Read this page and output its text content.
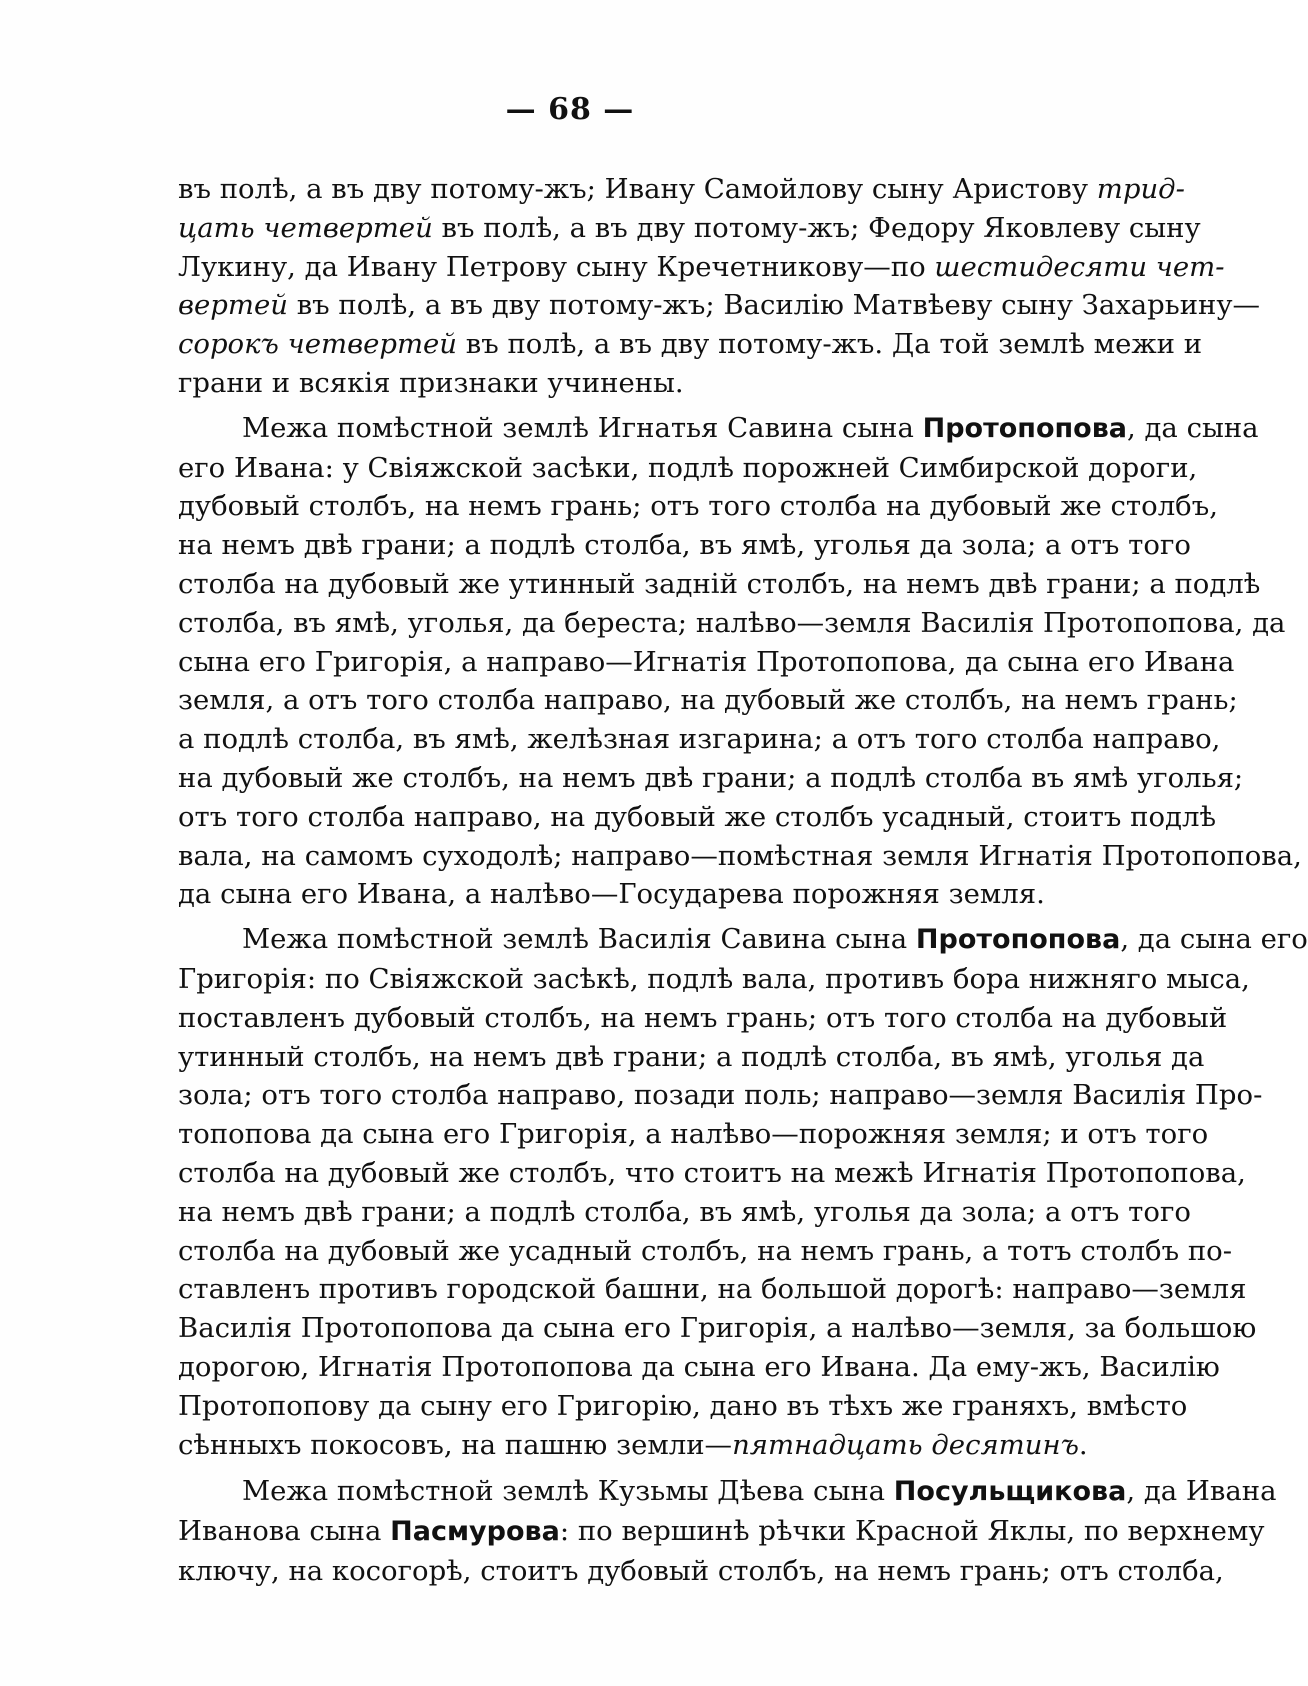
— 68 —
въ полѣ, а въ дву потому-жъ; Ивану Самойлову сыну Аристову трид-
цать четвертей въ полѣ, а въ дву потому-жъ; Федору Яковлеву сыну
Лукину, да Ивану Петрову сыну Кречетникову—по шестидесяти чет-
вертей въ полѣ, а въ дву потому-жъ; Василію Матвѣеву сыну Захарьину—
сорокъ четвертей въ полѣ, а въ дву потому-жъ. Да той землѣ межи и
грани и всякія признаки учинены.
Межа помѣстной землѣ Игнатья Савина сына Протопопова, да сына
его Ивана: у Свіяжской засѣки, подлѣ порожней Симбирской дороги,
дубовый столбъ, на немъ грань; отъ того столба на дубовый же столбъ,
на немъ двѣ грани; а подлѣ столба, въ ямѣ, уголья да зола; а отъ того
столба на дубовый же утинный задній столбъ, на немъ двѣ грани; а подлѣ
столба, въ ямѣ, уголья, да береста; налѣво—земля Василія Протопопова, да
сына его Григорія, а направо—Игнатія Протопопова, да сына его Ивана
земля, а отъ того столба направо, на дубовый же столбъ, на немъ грань;
а подлѣ столба, въ ямѣ, желѣзная изгарина; а отъ того столба направо,
на дубовый же столбъ, на немъ двѣ грани; а подлѣ столба въ ямѣ уголья;
отъ того столба направо, на дубовый же столбъ усадный, стоитъ подлѣ
вала, на самомъ суходолѣ; направо—помѣстная земля Игнатія Протопопова,
да сына его Ивана, а налѣво—Государева порожняя земля.
Межа помѣстной землѣ Василія Савина сына Протопопова, да сына его
Григорія: по Свіяжской засѣкѣ, подлѣ вала, противъ бора нижняго мыса,
поставленъ дубовый столбъ, на немъ грань; отъ того столба на дубовый
утинный столбъ, на немъ двѣ грани; а подлѣ столба, въ ямѣ, уголья да
зола; отъ того столба направо, позади поль; направо—земля Василія Про-
топопова да сына его Григорія, а налѣво—порожняя земля; и отъ того
столба на дубовый же столбъ, что стоитъ на межѣ Игнатія Протопопова,
на немъ двѣ грани; а подлѣ столба, въ ямѣ, уголья да зола; а отъ того
столба на дубовый же усадный столбъ, на немъ грань, а тотъ столбъ по-
ставленъ противъ городской башни, на большой дорогѣ: направо—земля
Василія Протопопова да сына его Григорія, а налѣво—земля, за большою
дорогою, Игнатія Протопопова да сына его Ивана. Да ему-жъ, Василію
Протопопову да сыну его Григорію, дано въ тѣхъ же граняхъ, вмѣсто
сѣнныхъ покосовъ, на пашню земли—пятнадцать десятинъ.
Межа помѣстной землѣ Кузьмы Дѣева сына Посульщикова, да Ивана
Иванова сына Пасмурова: по вершинѣ рѣчки Красной Яклы, по верхнему
ключу, на косогорѣ, стоитъ дубовый столбъ, на немъ грань; отъ столба,
